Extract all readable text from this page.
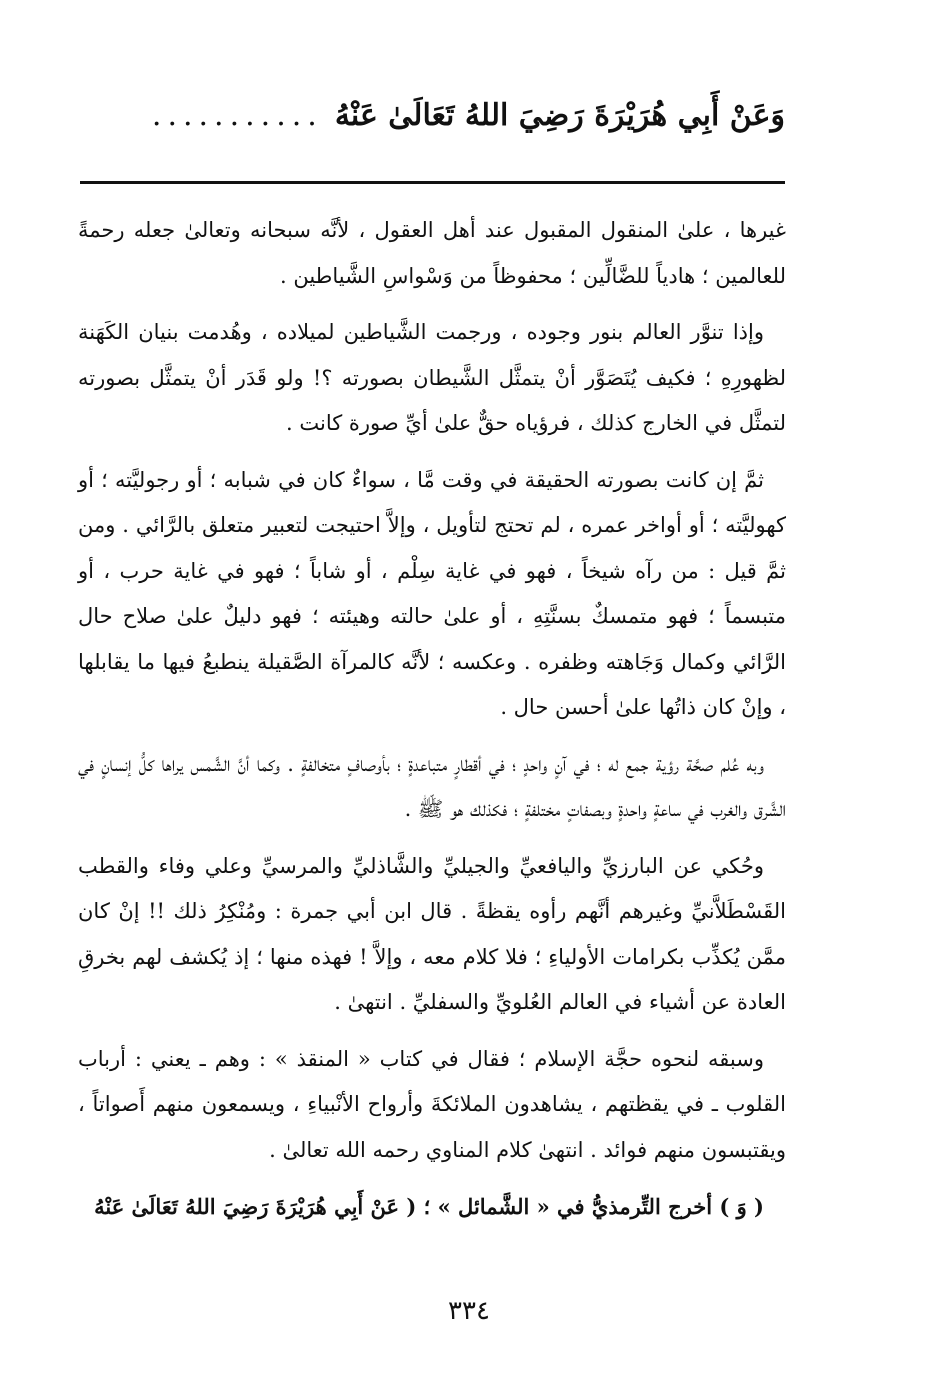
وَعَنْ أَبِي هُرَيْرَةَ رَضِيَ اللهُ تَعَالَىٰ عَنْهُ
...........

غيرها ، علىٰ المنقول المقبول عند أهل العقول ، لأنَّه سبحانه وتعالىٰ جعله رحمةً للعالمين ؛ هادياً للضَّالِّين ؛ محفوظاً من وَسْواسِ الشَّياطين .

وإذا تنوَّر العالم بنور وجوده ، ورجمت الشَّياطين لميلاده ، وهُدمت بنيان الكَهَنة لظهورِهِ ؛ فكيف يُتَصَوَّر أنْ يتمثَّل الشَّيطان بصورته ؟! ولو قَدَر أنْ يتمثَّل بصورته لتمثَّل في الخارج كذلك ، فرؤياه حقٌّ علىٰ أيِّ صورة كانت .

ثمَّ إن كانت بصورته الحقيقة في وقت مَّا ، سواءٌ كان في شبابه ؛ أو رجوليَّته ؛ أو كهوليَّته ؛ أو أواخر عمره ، لم تحتج لتأويل ، وإلاَّ احتيجت لتعبير متعلق بالرَّائي . ومن ثمَّ قيل : من رآه شيخاً ، فهو في غاية سِلْم ، أو شاباً ؛ فهو في غاية حرب ، أو متبسماً ؛ فهو متمسكٌ بسنَّتِهِ ، أو علىٰ حالته وهيئته ؛ فهو دليلٌ علىٰ صلاح حال الرَّائي وكمال وَجَاهته وظفره . وعكسه ؛ لأنَّه كالمرآة الصَّقيلة ينطبعُ فيها ما يقابلها ، وإنْ كان ذاتُها علىٰ أحسن حال .

وبه عُلم صحَّة رؤية جمع له ؛ في آنٍ واحدٍ ؛ في أقطارٍ متباعدةٍ ؛ بأوصافٍ متخالفةٍ . وكما أنَّ الشَّمس يراها كلُّ إنسانٍ في الشَّرق والغرب في ساعةٍ واحدةٍ وبصفاتٍ مختلفةٍ ؛ فكذلك هو ﷺ .

وحُكي عن البارزيِّ واليافعيِّ والجيليِّ والشَّاذليِّ والمرسيِّ وعلي وفاء والقطب القَسْطَلاَّنيِّ وغيرهم أنَّهم رأوه يقظةً . قال ابن أبي جمرة : ومُنْكِرُ ذلك !! إنْ كان ممَّن يُكذِّب بكرامات الأولياءِ ؛ فلا كلام معه ، وإلاَّ ! فهذه منها ؛ إذ يُكشف لهم بخرقِ العادة عن أشياء في العالم العُلويِّ والسفليِّ . انتهىٰ .

وسبقه لنحوه حجَّة الإسلام ؛ فقال في كتاب « المنقذ » : وهم ـ يعني : أرباب القلوب ـ في يقظتهم ، يشاهدون الملائكةَ وأرواح الأنْبياءِ ، ويسمعون منهم أَصواتاً ، ويقتبسون منهم فوائد . انتهىٰ كلام المناوي رحمه الله تعالىٰ .

( وَ ) أخرج التِّرمذيُّ في « الشَّمائل » ؛ ( عَنْ أَبِي هُرَيْرَةَ رَضِيَ اللهُ تَعَالَىٰ عَنْهُ

٣٣٤
